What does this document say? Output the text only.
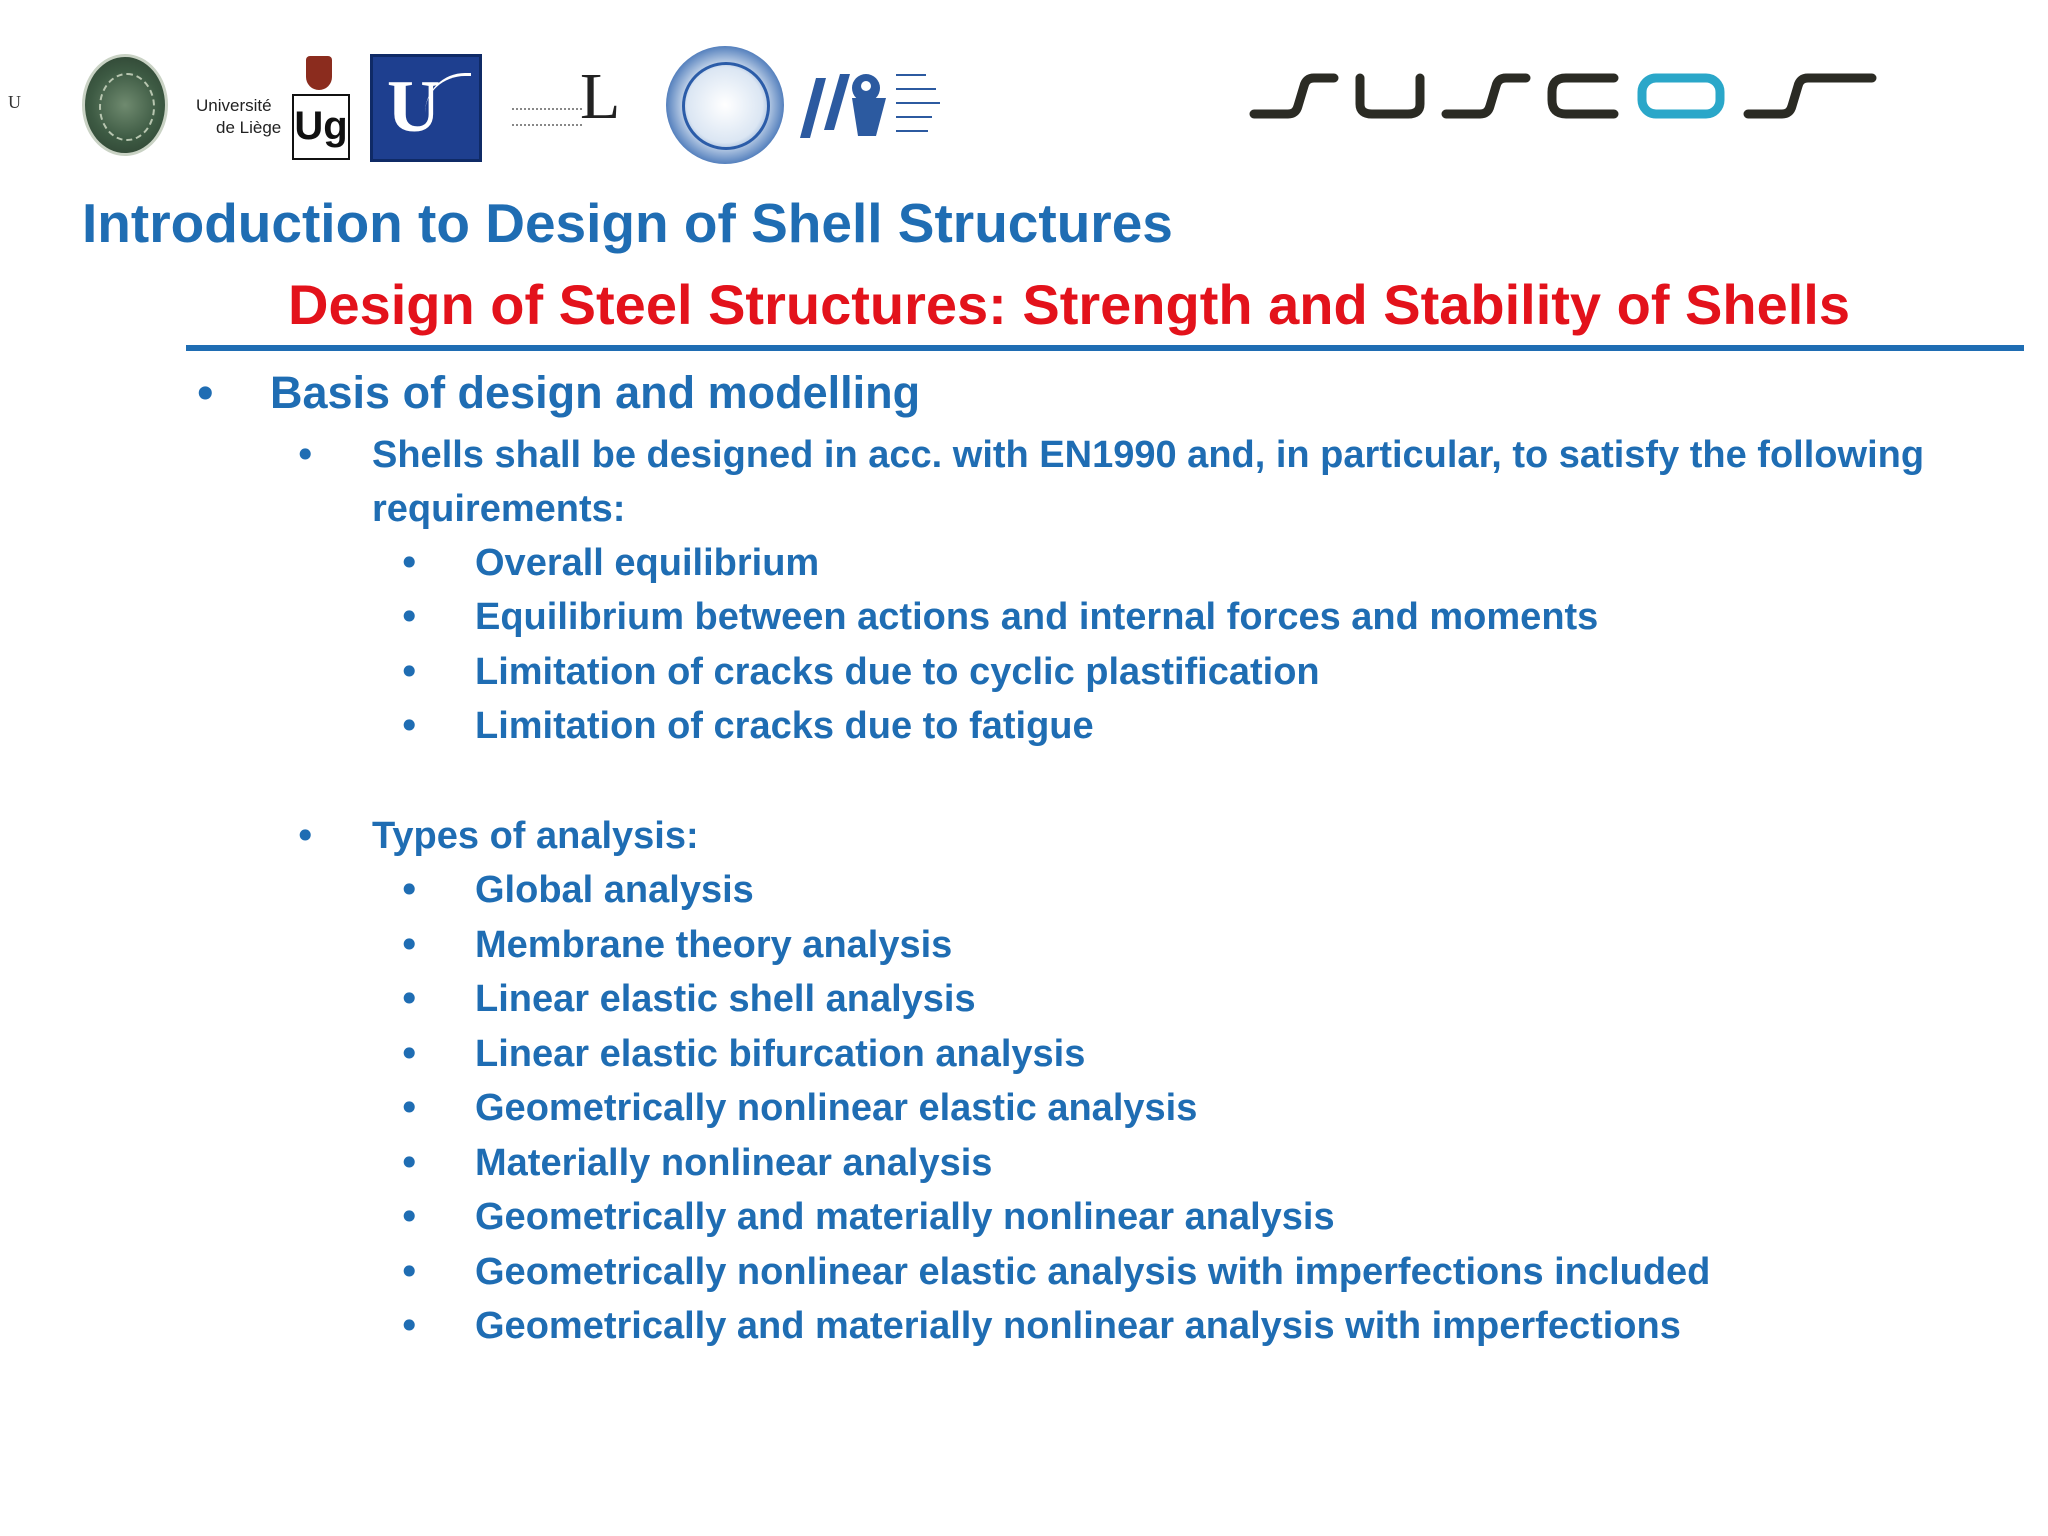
U	Université
de Liège Ug U L
Introduction to Design of Shell Structures
Design of Steel Structures: Strength and Stability of Shells
• Basis of design and modelling
• Shells shall be designed in acc. with EN1990 and, in particular, to satisfy the following
requirements:
• Overall equilibrium
• Equilibrium between actions and internal forces and moments
• Limitation of cracks due to cyclic plastification
• Limitation of cracks due to fatigue
• Types of analysis:
• Global analysis
• Membrane theory analysis
• Linear elastic shell analysis
• Linear elastic bifurcation analysis
• Geometrically nonlinear elastic analysis
• Materially nonlinear analysis
• Geometrically and materially nonlinear analysis
• Geometrically nonlinear elastic analysis with imperfections included
• Geometrically and materially nonlinear analysis with imperfections
